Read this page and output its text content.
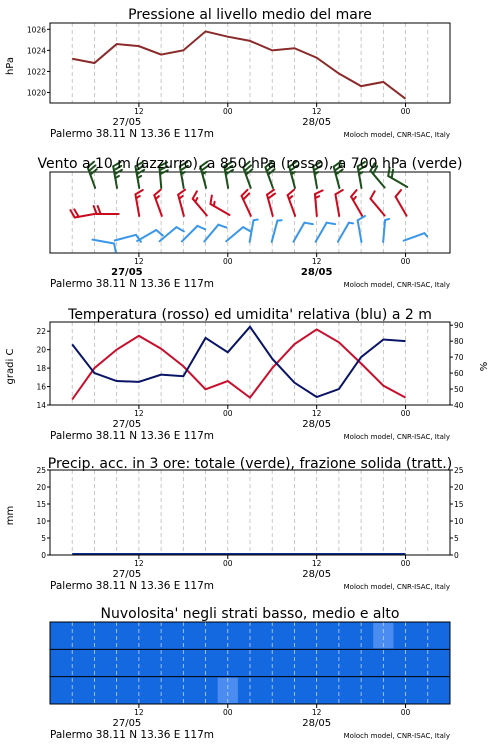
Pressione al livello medio del mare
1020
1022
1024
1026
hPa
12	00	12	00
27/05	28/05
Palermo 38.11 N 13.36 E 117m	Moloch model, CNR-ISAC, Italy
Vento a 10 m (azzurro), a 850 hPa (rosso), a 700 hPa (verde)
12	00	12	00
27/05	28/05
Palermo 38.11 N 13.36 E 117m	Moloch model, CNR-ISAC, Italy
Temperatura (rosso) ed umidita' relativa (blu) a 2 m
14
16
18
20
22
40
50
60
70
80
90
gradi C	%
12	00	12	00
27/05	28/05
Palermo 38.11 N 13.36 E 117m	Moloch model, CNR-ISAC, Italy
Precip. acc. in 3 ore: totale (verde), frazione solida (tratt.)
0
5
10
15
20
25
0
5
10
15
20
25
mm
12	00	12	00
27/05	28/05
Palermo 38.11 N 13.36 E 117m	Moloch model, CNR-ISAC, Italy
Nuvolosita' negli strati basso, medio e alto
12	00	12	00
27/05	28/05
Palermo 38.11 N 13.36 E 117m	Moloch model, CNR-ISAC, Italy
